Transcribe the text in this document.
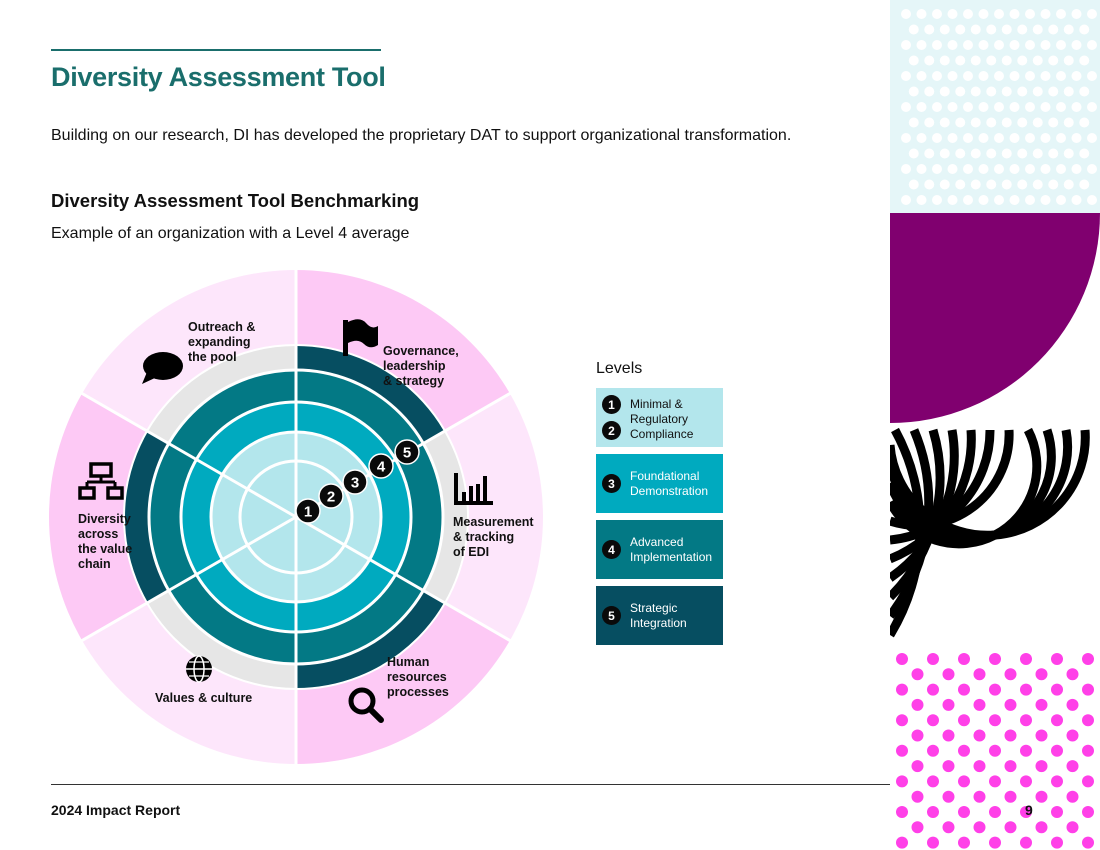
Diversity Assessment Tool

Building on our research, DI has developed the proprietary DAT to support organizational transformation.

Diversity Assessment Tool Benchmarking

Example of an organization with a Level 4 average

1
2
3
4
5
Governance,
leadership
& strategy
Measurement
& tracking
of EDI
Human
resources
processes
Values & culture
Diversity
across
the value
chain
Outreach &
expanding
the pool
Levels
1
2
Minimal &
Regulatory
Compliance
3
Foundational
Demonstration
4
Advanced
Implementation
5
Strategic
Integration
2024 Impact Report	9
